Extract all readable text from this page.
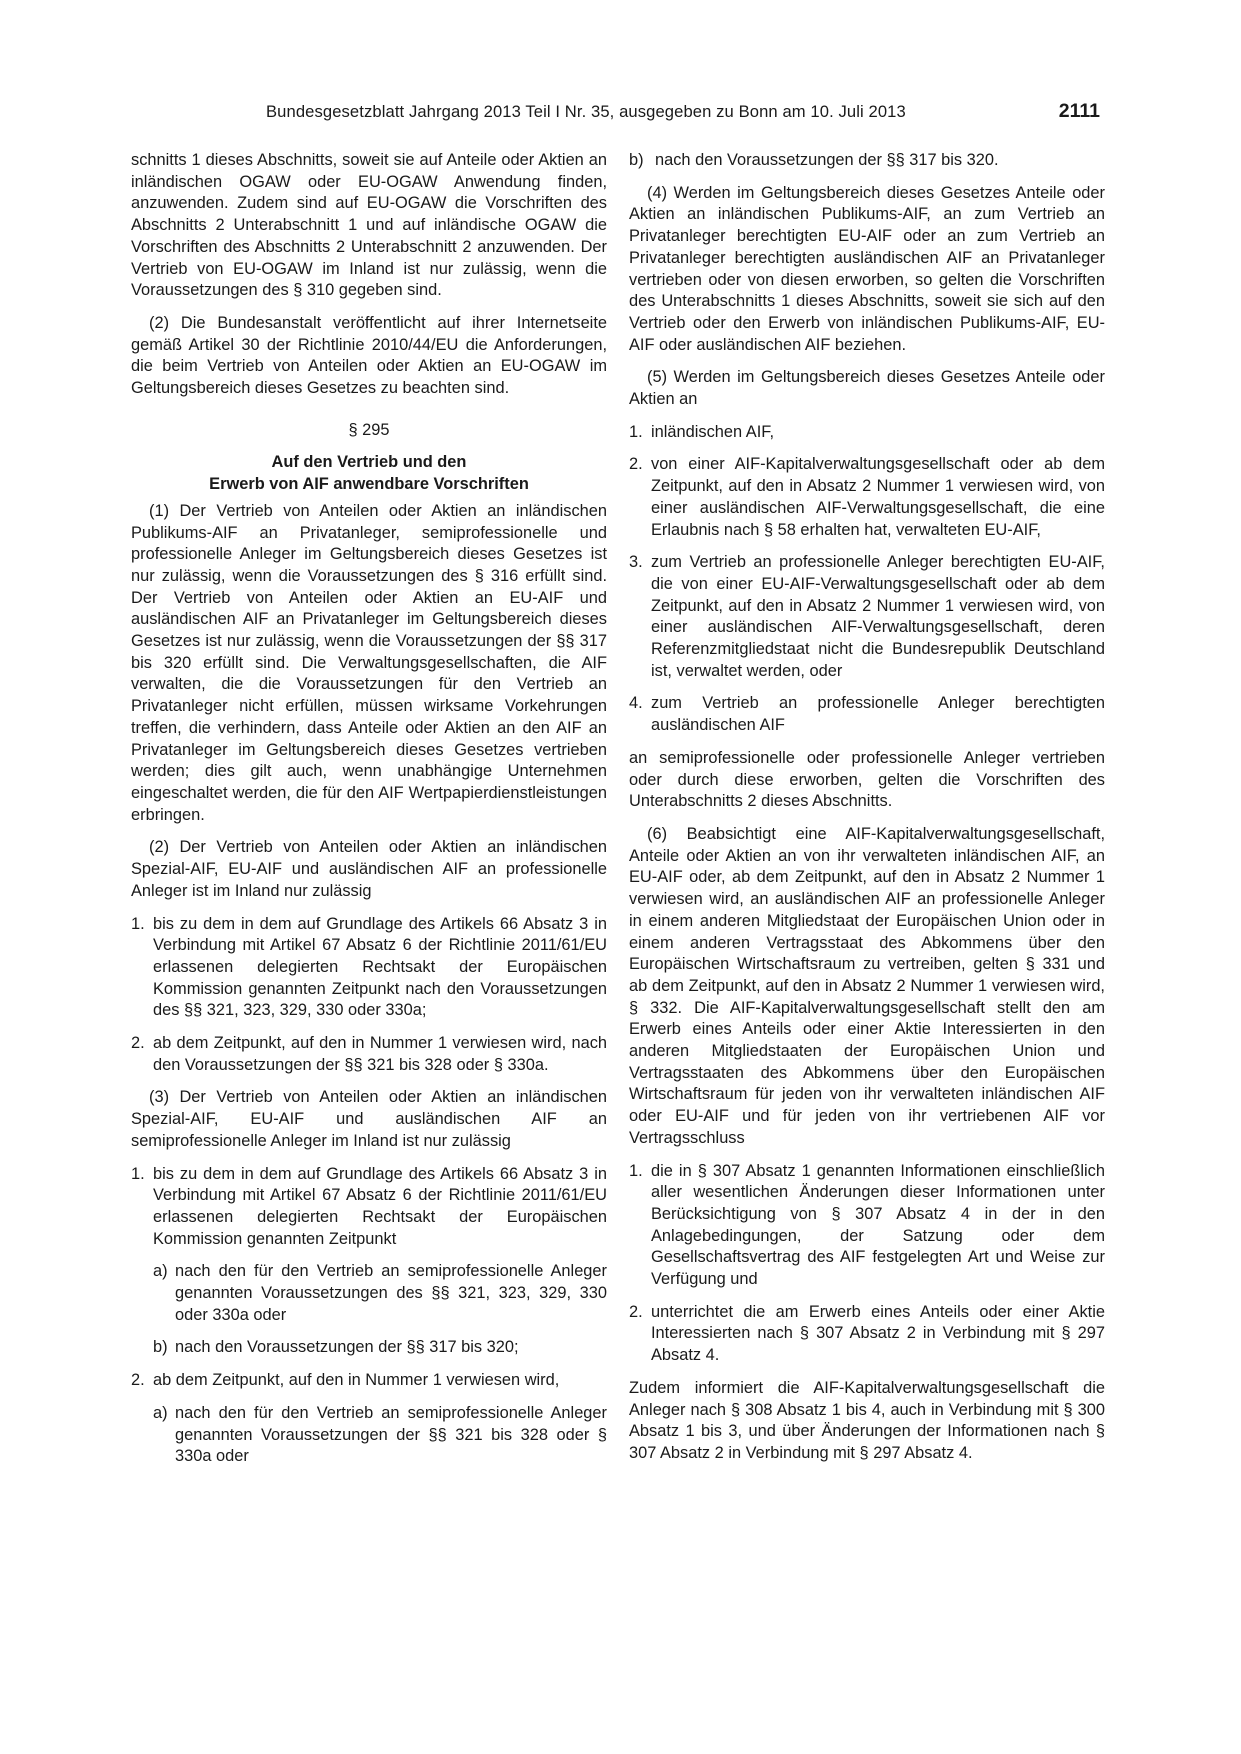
Bundesgesetzblatt Jahrgang 2013 Teil I Nr. 35, ausgegeben zu Bonn am 10. Juli 2013	2111

schnitts 1 dieses Abschnitts, soweit sie auf Anteile oder Aktien an inländischen OGAW oder EU-OGAW Anwendung finden, anzuwenden. Zudem sind auf EU-OGAW die Vorschriften des Abschnitts 2 Unterabschnitt 1 und auf inländische OGAW die Vorschriften des Abschnitts 2 Unterabschnitt 2 anzuwenden. Der Vertrieb von EU-OGAW im Inland ist nur zulässig, wenn die Voraussetzungen des § 310 gegeben sind.

(2) Die Bundesanstalt veröffentlicht auf ihrer Internetseite gemäß Artikel 30 der Richtlinie 2010/44/EU die Anforderungen, die beim Vertrieb von Anteilen oder Aktien an EU-OGAW im Geltungsbereich dieses Gesetzes zu beachten sind.

§ 295
Auf den Vertrieb und den
Erwerb von AIF anwendbare Vorschriften

(1) Der Vertrieb von Anteilen oder Aktien an inländischen Publikums-AIF an Privatanleger, semiprofessionelle und professionelle Anleger im Geltungsbereich dieses Gesetzes ist nur zulässig, wenn die Voraussetzungen des § 316 erfüllt sind. Der Vertrieb von Anteilen oder Aktien an EU-AIF und ausländischen AIF an Privatanleger im Geltungsbereich dieses Gesetzes ist nur zulässig, wenn die Voraussetzungen der §§ 317 bis 320 erfüllt sind. Die Verwaltungsgesellschaften, die AIF verwalten, die die Voraussetzungen für den Vertrieb an Privatanleger nicht erfüllen, müssen wirksame Vorkehrungen treffen, die verhindern, dass Anteile oder Aktien an den AIF an Privatanleger im Geltungsbereich dieses Gesetzes vertrieben werden; dies gilt auch, wenn unabhängige Unternehmen eingeschaltet werden, die für den AIF Wertpapierdienstleistungen erbringen.

(2) Der Vertrieb von Anteilen oder Aktien an inländischen Spezial-AIF, EU-AIF und ausländischen AIF an professionelle Anleger ist im Inland nur zulässig

1. bis zu dem in dem auf Grundlage des Artikels 66 Absatz 3 in Verbindung mit Artikel 67 Absatz 6 der Richtlinie 2011/61/EU erlassenen delegierten Rechtsakt der Europäischen Kommission genannten Zeitpunkt nach den Voraussetzungen des §§ 321, 323, 329, 330 oder 330a;
2. ab dem Zeitpunkt, auf den in Nummer 1 verwiesen wird, nach den Voraussetzungen der §§ 321 bis 328 oder § 330a.

(3) Der Vertrieb von Anteilen oder Aktien an inländischen Spezial-AIF, EU-AIF und ausländischen AIF an semiprofessionelle Anleger im Inland ist nur zulässig

1. bis zu dem in dem auf Grundlage des Artikels 66 Absatz 3 in Verbindung mit Artikel 67 Absatz 6 der Richtlinie 2011/61/EU erlassenen delegierten Rechtsakt der Europäischen Kommission genannten Zeitpunkt
a) nach den für den Vertrieb an semiprofessionelle Anleger genannten Voraussetzungen des §§ 321, 323, 329, 330 oder 330a oder
b) nach den Voraussetzungen der §§ 317 bis 320;
2. ab dem Zeitpunkt, auf den in Nummer 1 verwiesen wird,
a) nach den für den Vertrieb an semiprofessionelle Anleger genannten Voraussetzungen der §§ 321 bis 328 oder § 330a oder
b) nach den Voraussetzungen der §§ 317 bis 320.

(4) Werden im Geltungsbereich dieses Gesetzes Anteile oder Aktien an inländischen Publikums-AIF, an zum Vertrieb an Privatanleger berechtigten EU-AIF oder an zum Vertrieb an Privatanleger berechtigten ausländischen AIF an Privatanleger vertrieben oder von diesen erworben, so gelten die Vorschriften des Unterabschnitts 1 dieses Abschnitts, soweit sie sich auf den Vertrieb oder den Erwerb von inländischen Publikums-AIF, EU-AIF oder ausländischen AIF beziehen.

(5) Werden im Geltungsbereich dieses Gesetzes Anteile oder Aktien an

1. inländischen AIF,
2. von einer AIF-Kapitalverwaltungsgesellschaft oder ab dem Zeitpunkt, auf den in Absatz 2 Nummer 1 verwiesen wird, von einer ausländischen AIF-Verwaltungsgesellschaft, die eine Erlaubnis nach § 58 erhalten hat, verwalteten EU-AIF,
3. zum Vertrieb an professionelle Anleger berechtigten EU-AIF, die von einer EU-AIF-Verwaltungsgesellschaft oder ab dem Zeitpunkt, auf den in Absatz 2 Nummer 1 verwiesen wird, von einer ausländischen AIF-Verwaltungsgesellschaft, deren Referenzmitgliedstaat nicht die Bundesrepublik Deutschland ist, verwaltet werden, oder
4. zum Vertrieb an professionelle Anleger berechtigten ausländischen AIF

an semiprofessionelle oder professionelle Anleger vertrieben oder durch diese erworben, gelten die Vorschriften des Unterabschnitts 2 dieses Abschnitts.

(6) Beabsichtigt eine AIF-Kapitalverwaltungsgesellschaft, Anteile oder Aktien an von ihr verwalteten inländischen AIF, an EU-AIF oder, ab dem Zeitpunkt, auf den in Absatz 2 Nummer 1 verwiesen wird, an ausländischen AIF an professionelle Anleger in einem anderen Mitgliedstaat der Europäischen Union oder in einem anderen Vertragsstaat des Abkommens über den Europäischen Wirtschaftsraum zu vertreiben, gelten § 331 und ab dem Zeitpunkt, auf den in Absatz 2 Nummer 1 verwiesen wird, § 332. Die AIF-Kapitalverwaltungsgesellschaft stellt den am Erwerb eines Anteils oder einer Aktie Interessierten in den anderen Mitgliedstaaten der Europäischen Union und Vertragsstaaten des Abkommens über den Europäischen Wirtschaftsraum für jeden von ihr verwalteten inländischen AIF oder EU-AIF und für jeden von ihr vertriebenen AIF vor Vertragsschluss

1. die in § 307 Absatz 1 genannten Informationen einschließlich aller wesentlichen Änderungen dieser Informationen unter Berücksichtigung von § 307 Absatz 4 in der in den Anlagebedingungen, der Satzung oder dem Gesellschaftsvertrag des AIF festgelegten Art und Weise zur Verfügung und
2. unterrichtet die am Erwerb eines Anteils oder einer Aktie Interessierten nach § 307 Absatz 2 in Verbindung mit § 297 Absatz 4.

Zudem informiert die AIF-Kapitalverwaltungsgesellschaft die Anleger nach § 308 Absatz 1 bis 4, auch in Verbindung mit § 300 Absatz 1 bis 3, und über Änderungen der Informationen nach § 307 Absatz 2 in Verbindung mit § 297 Absatz 4.
